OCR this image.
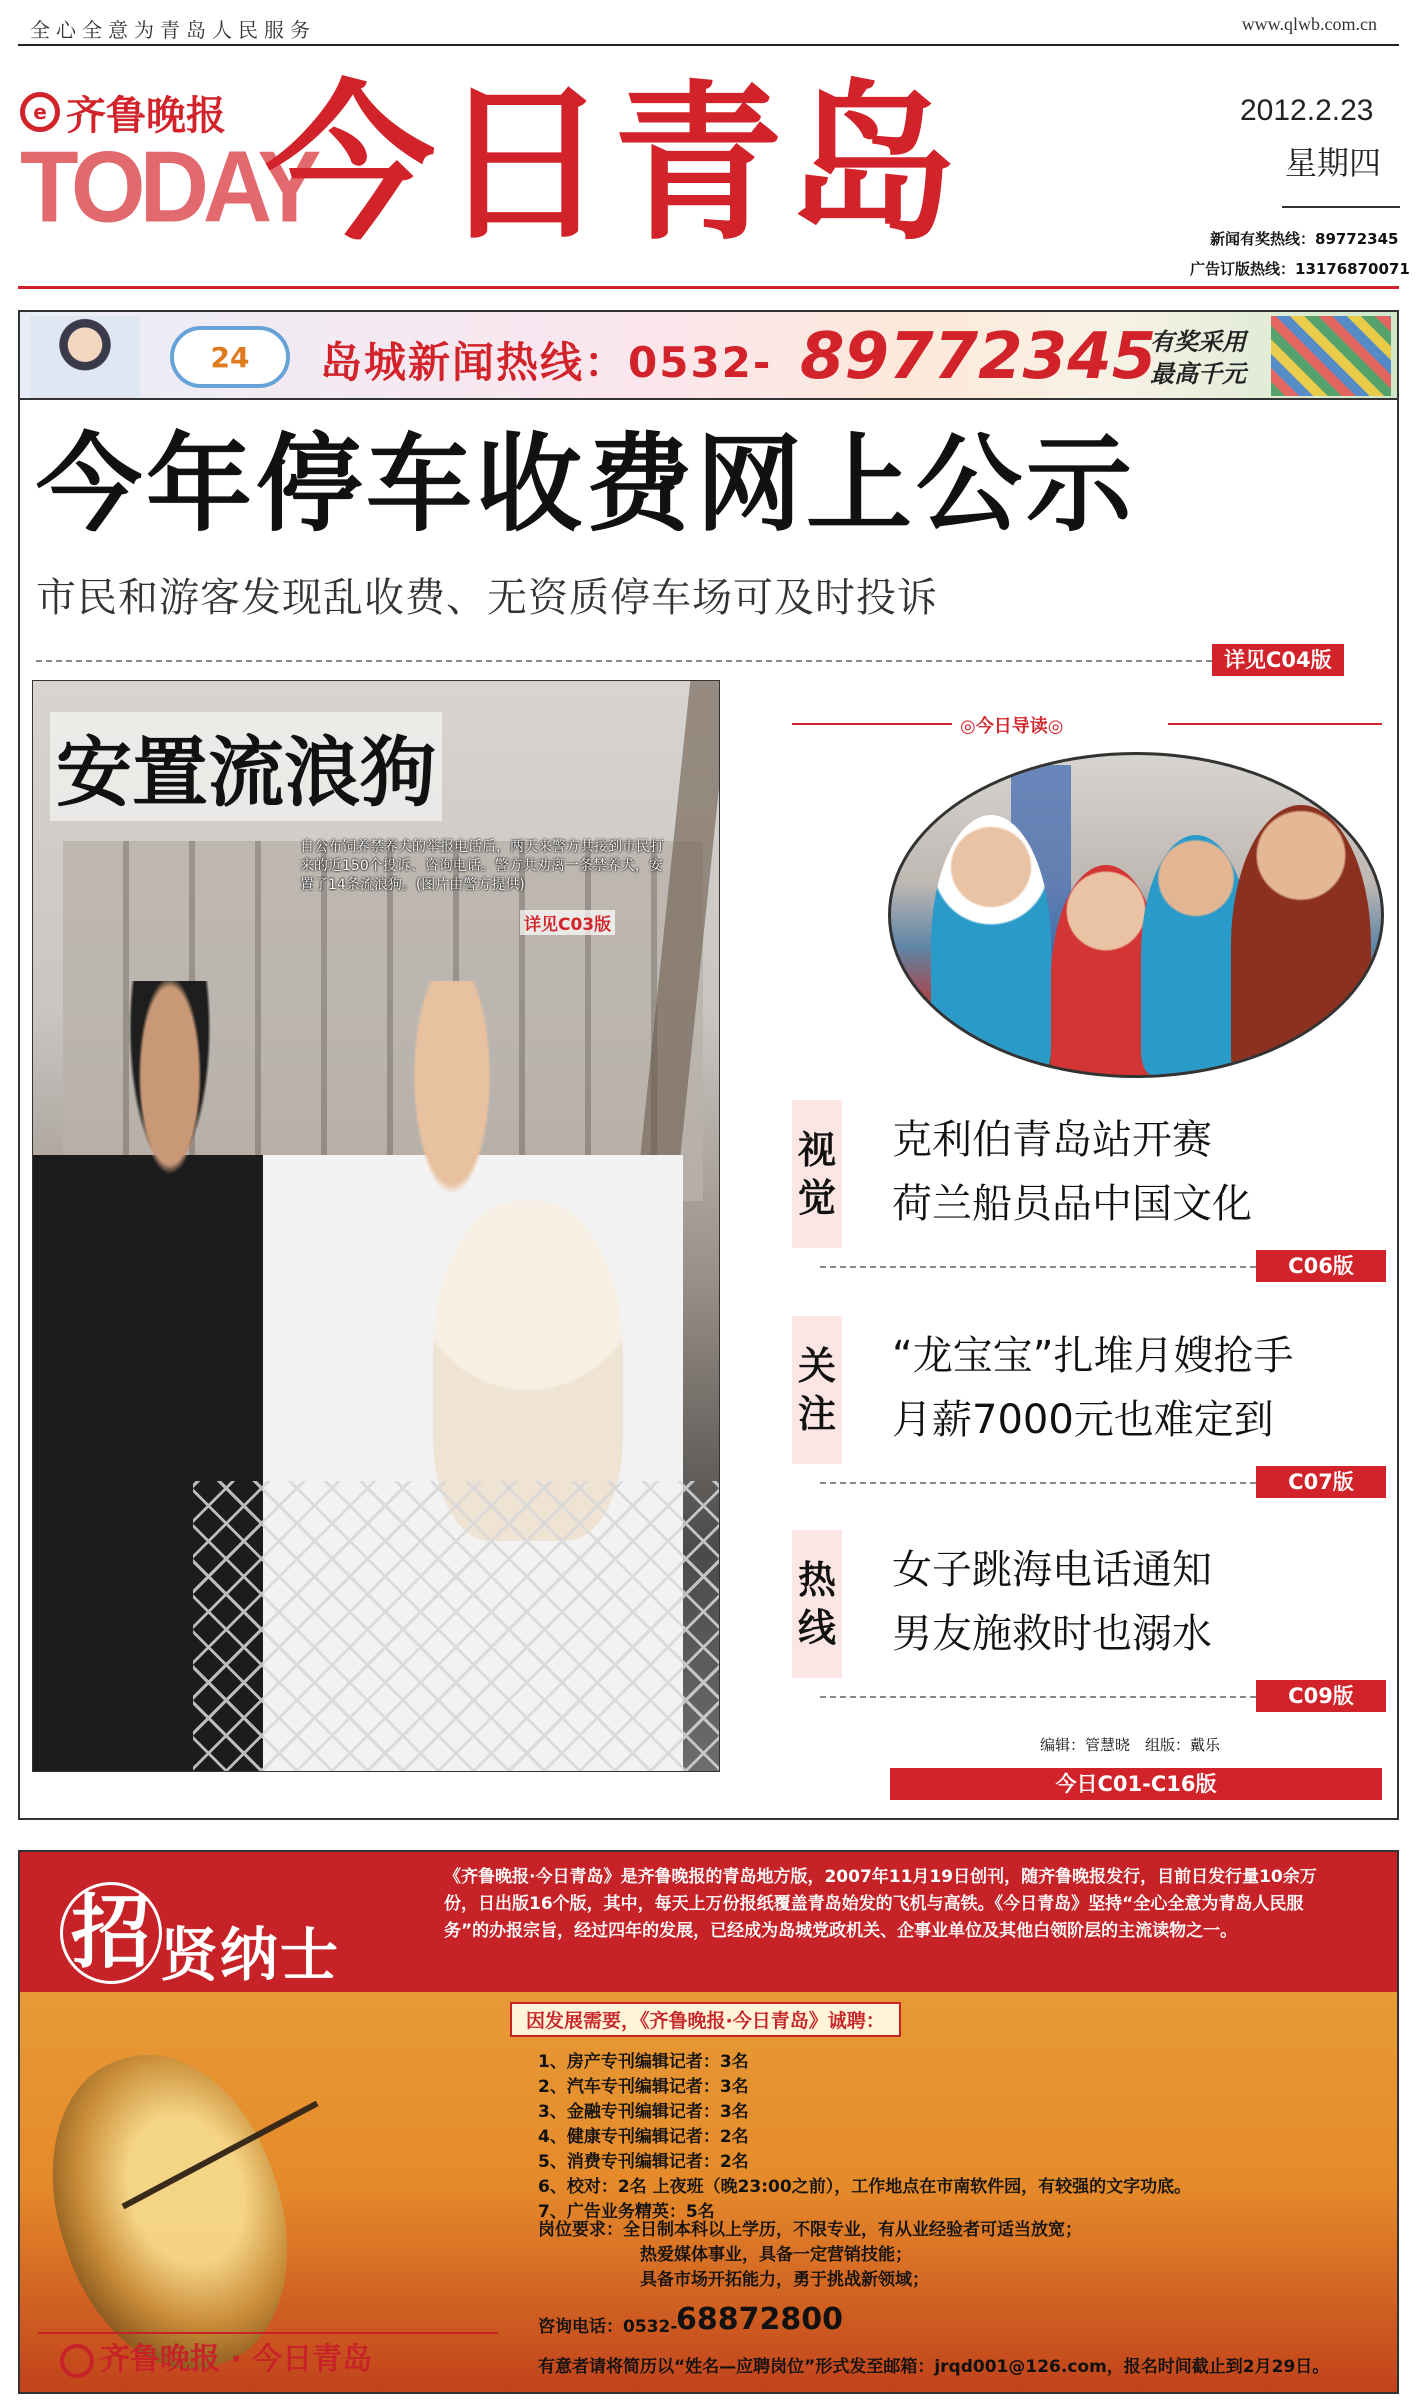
全心全意为青岛人民服务	www.qlwb.com.cn
e 齐鲁晚报
TODAY
今日青岛	2012.2.23
星期四
新闻有奖热线：89772345
广告订版热线：13176870071
24	岛城新闻热线：0532- 89772345
有奖采用
最高千元
今年停车收费网上公示
市民和游客发现乱收费、无资质停车场可及时投诉
详见C04版
安置流浪狗
自公布饲养禁养犬的举报电话后，两天来警方共接到市民打来的近150个投诉、咨询电话。警方共劝离一条禁养犬，安置了14条流浪狗。(图片由警方提供)
详见C03版
◎今日导读◎
视
觉
克利伯青岛站开赛
荷兰船员品中国文化
C06版
关
注
“龙宝宝”扎堆月嫂抢手
月薪7000元也难定到
C07版
热
线
女子跳海电话通知
男友施救时也溺水
C09版
编辑：管慧晓　组版：戴乐
今日C01-C16版
招 贤纳士
《齐鲁晚报·今日青岛》是齐鲁晚报的青岛地方版，2007年11月19日创刊，随齐鲁晚报发行，目前日发行量10余万份，日出版16个版，其中，每天上万份报纸覆盖青岛始发的飞机与高铁。《今日青岛》坚持“全心全意为青岛人民服务”的办报宗旨，经过四年的发展，已经成为岛城党政机关、企事业单位及其他白领阶层的主流读物之一。
因发展需要，《齐鲁晚报·今日青岛》诚聘：
1、房产专刊编辑记者：3名
2、汽车专刊编辑记者：3名
3、金融专刊编辑记者：3名
4、健康专刊编辑记者：2名
5、消费专刊编辑记者：2名
6、校对：2名 上夜班（晚23:00之前），工作地点在市南软件园，有较强的文字功底。
7、广告业务精英：5名
岗位要求：全日制本科以上学历，不限专业，有从业经验者可适当放宽；
热爱媒体事业，具备一定营销技能；
具备市场开拓能力，勇于挑战新领域；
咨询电话：0532-
68872800
有意者请将简历以“姓名—应聘岗位”形式发至邮箱：jrqd001@126.com，报名时间截止到2月29日。
齐鲁晚报 · 今日青岛
